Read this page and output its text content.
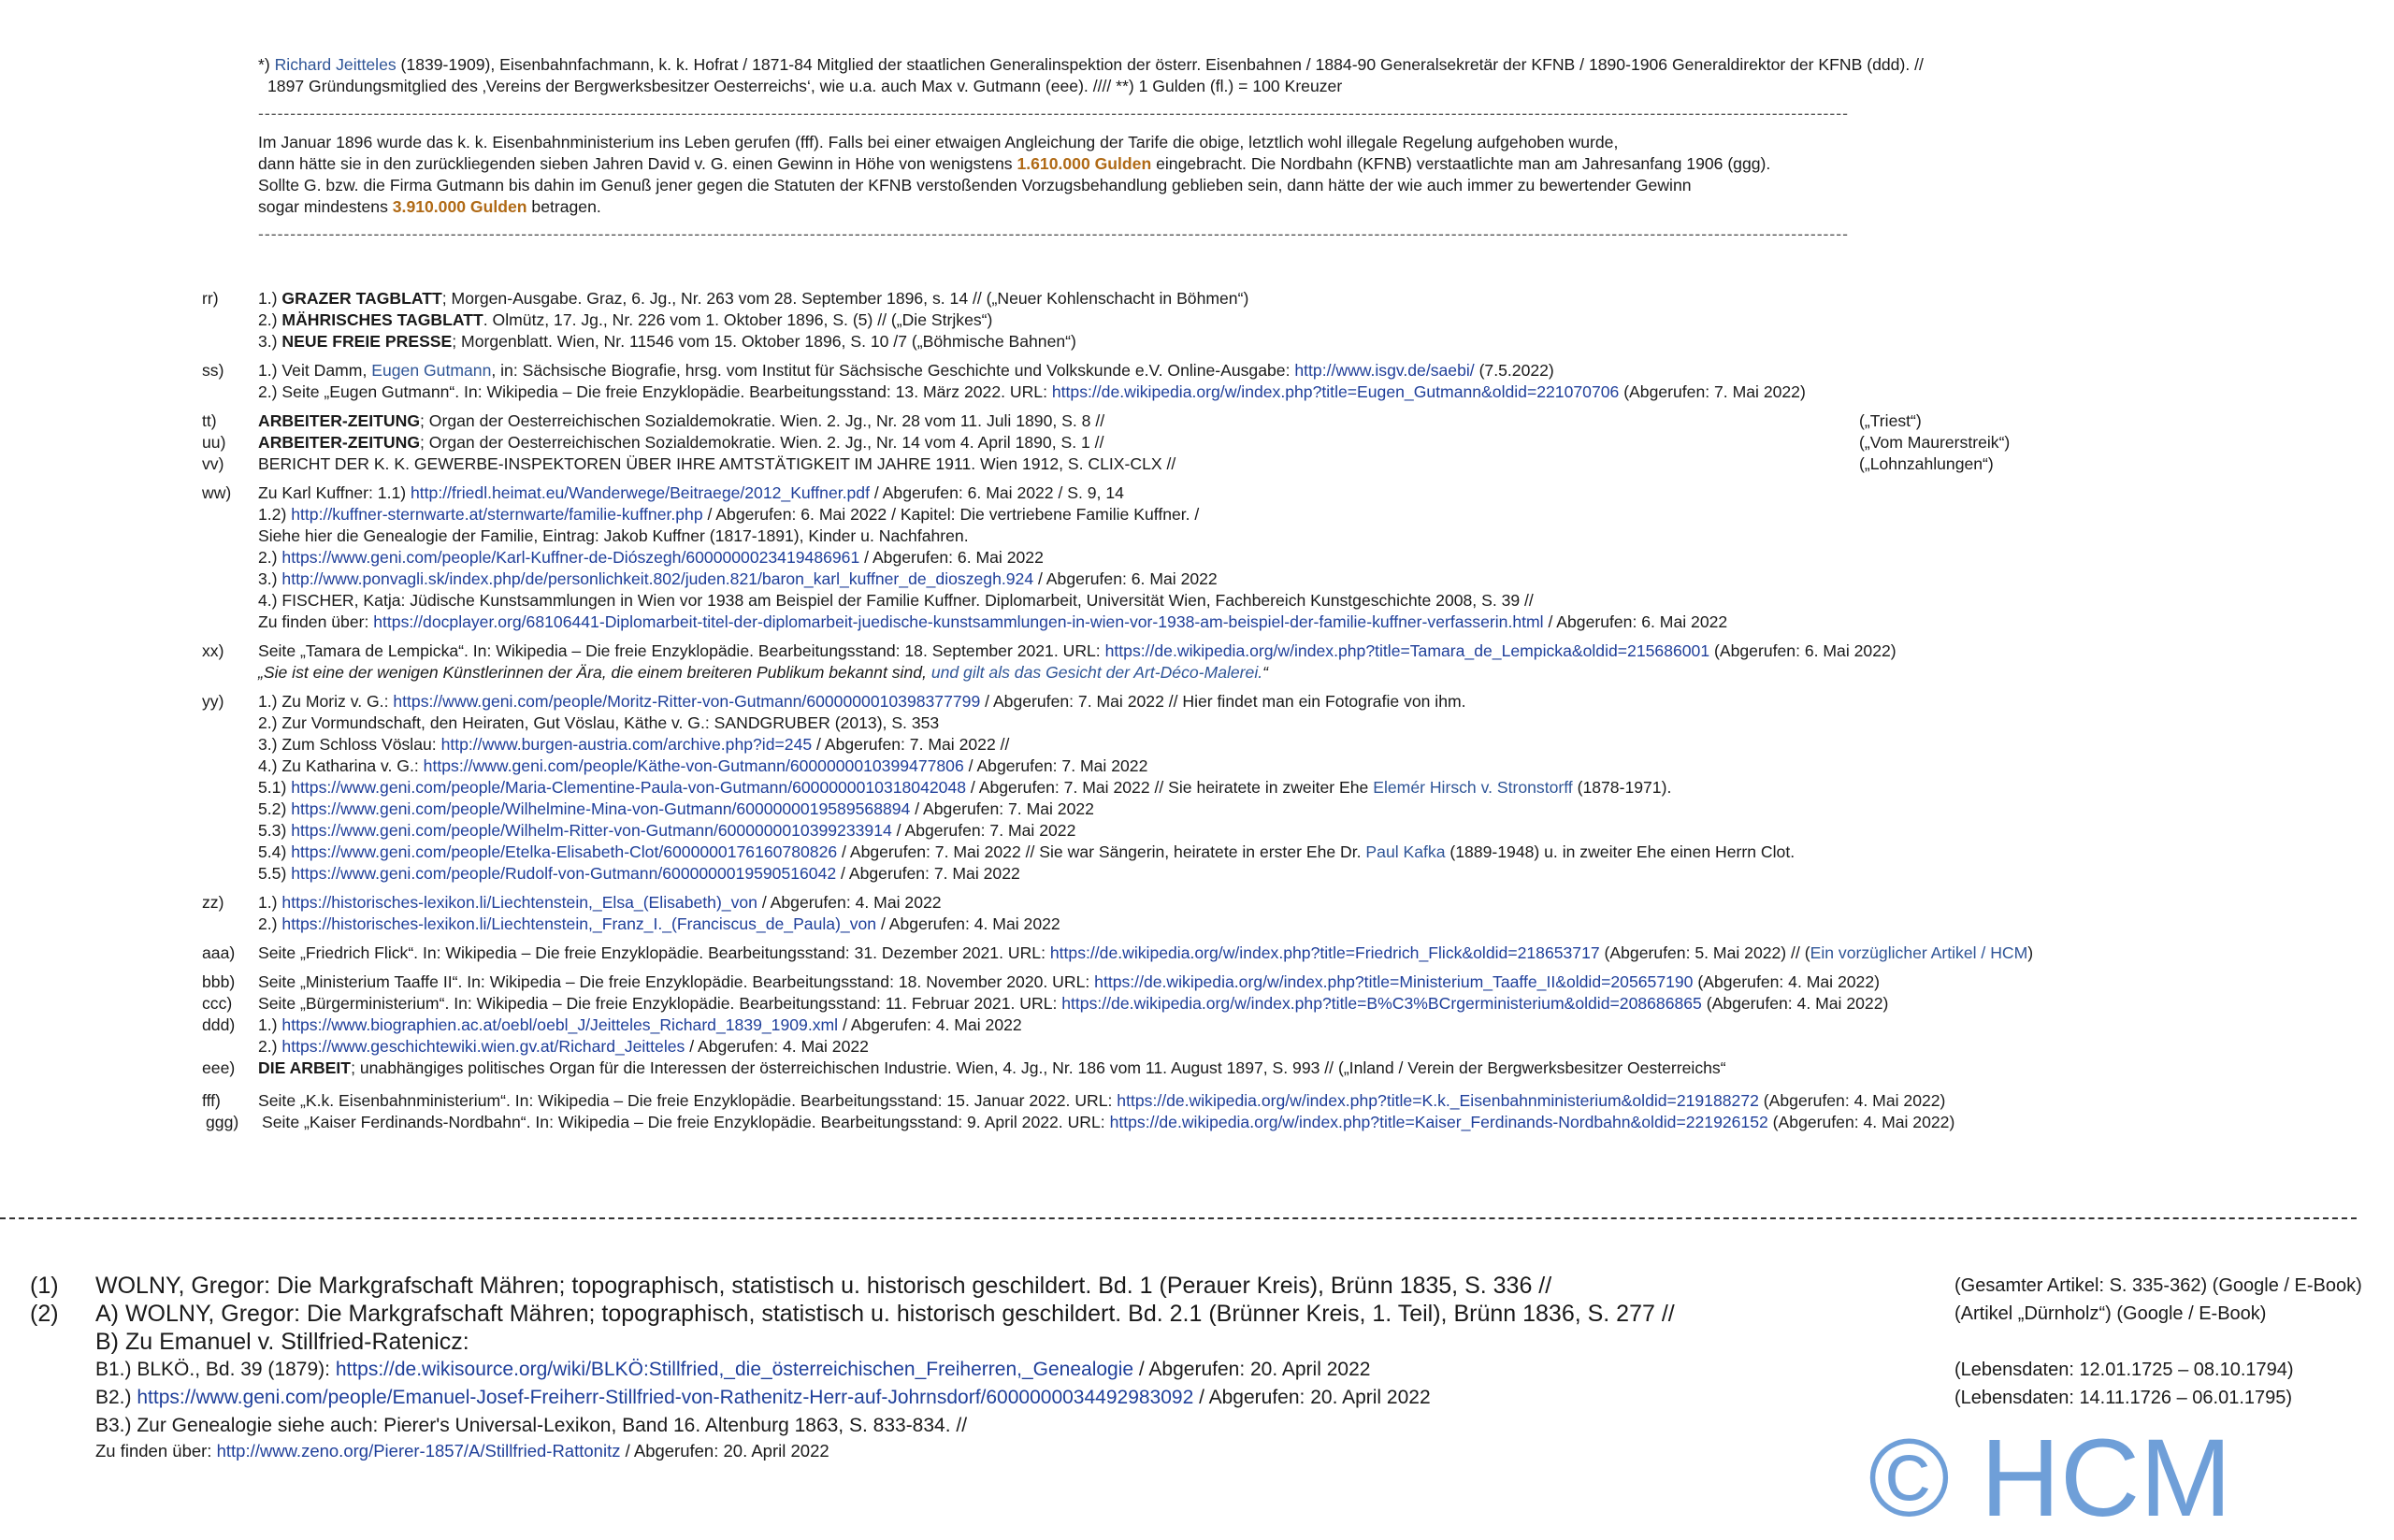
*) Richard Jeitteles (1839-1909), Eisenbahnfachmann, k. k. Hofrat / 1871-84 Mitglied der staatlichen Generalinspektion der österr. Eisenbahnen / 1884-90 Generalsekretär der KFNB / 1890-1906 Generaldirektor der KFNB (ddd). //
1897 Gründungsmitglied des ‚Vereins der Bergwerksbesitzer Oesterreichs‘, wie u.a. auch Max v. Gutmann (eee). //// **) 1 Gulden (fl.) = 100 Kreuzer
--------------------------------------------------------------------------------------------------------------------------------------------------------------------------------------------------------------------------------------------------------
Im Januar 1896 wurde das k. k. Eisenbahnministerium ins Leben gerufen (fff). Falls bei einer etwaigen Angleichung der Tarife die obige, letztlich wohl illegale Regelung aufgehoben wurde,
dann hätte sie in den zurückliegenden sieben Jahren David v. G. einen Gewinn in Höhe von wenigstens 1.610.000 Gulden eingebracht. Die Nordbahn (KFNB) verstaatlichte man am Jahresanfang 1906 (ggg).
Sollte G. bzw. die Firma Gutmann bis dahin im Genuß jener gegen die Statuten der KFNB verstoßenden Vorzugsbehandlung geblieben sein, dann hätte der wie auch immer zu bewertender Gewinn
sogar mindestens 3.910.000 Gulden betragen.
--------------------------------------------------------------------------------------------------------------------------------------------------------------------------------------------------------------------------------------------------------
rr) 1.) GRAZER TAGBLATT; Morgen-Ausgabe. Graz, 6. Jg., Nr. 263 vom 28. September 1896, s. 14 // („Neuer Kohlenschacht in Böhmen“)
2.) MÄHRISCHES TAGBLATT. Olmütz, 17. Jg., Nr. 226 vom 1. Oktober 1896, S. (5) // („Die Strjkes“)
3.) NEUE FREIE PRESSE; Morgenblatt. Wien, Nr. 11546 vom 15. Oktober 1896, S. 10 /7 („Böhmische Bahnen“)
ss) 1.) Veit Damm, Eugen Gutmann, in: Sächsische Biografie, hrsg. vom Institut für Sächsische Geschichte und Volkskunde e.V. Online-Ausgabe: http://www.isgv.de/saebi/ (7.5.2022)
2.) Seite „Eugen Gutmann“. In: Wikipedia – Die freie Enzyklopädie. Bearbeitungsstand: 13. März 2022. URL: https://de.wikipedia.org/w/index.php?title=Eugen_Gutmann&oldid=221070706 (Abgerufen: 7. Mai 2022)
tt)	ARBEITER-ZEITUNG; Organ der Oesterreichischen Sozialdemokratie. Wien. 2. Jg., Nr. 28 vom 11. Juli 1890, S. 8 //	(„Triest“)
uu) ARBEITER-ZEITUNG; Organ der Oesterreichischen Sozialdemokratie. Wien. 2. Jg., Nr. 14 vom 4. April 1890, S. 1 //	(„Vom Maurerstreik“)
vv) BERICHT DER K. K. GEWERBE-INSPEKTOREN ÜBER IHRE AMTSTÄTIGKEIT IM JAHRE 1911. Wien 1912, S. CLIX-CLX //	(„Lohnzahlungen“)
ww) Zu Karl Kuffner: 1.1) http://friedl.heimat.eu/Wanderwege/Beitraege/2012_Kuffner.pdf / Abgerufen: 6. Mai 2022 / S. 9, 14
1.2) http://kuffner-sternwarte.at/sternwarte/familie-kuffner.php / Abgerufen: 6. Mai 2022 / Kapitel: Die vertriebene Familie Kuffner. /
Siehe hier die Genealogie der Familie, Eintrag: Jakob Kuffner (1817-1891), Kinder u. Nachfahren.
2.) https://www.geni.com/people/Karl-Kuffner-de-Diószegh/6000000023419486961 / Abgerufen: 6. Mai 2022
3.) http://www.ponvagli.sk/index.php/de/personlichkeit.802/juden.821/baron_karl_kuffner_de_dioszegh.924 / Abgerufen: 6. Mai 2022
4.) FISCHER, Katja: Jüdische Kunstsammlungen in Wien vor 1938 am Beispiel der Familie Kuffner. Diplomarbeit, Universität Wien, Fachbereich Kunstgeschichte 2008, S. 39 //
Zu finden über: https://docplayer.org/68106441-Diplomarbeit-titel-der-diplomarbeit-juedische-kunstsammlungen-in-wien-vor-1938-am-beispiel-der-familie-kuffner-verfasserin.html / Abgerufen: 6. Mai 2022
xx) Seite „Tamara de Lempicka“. In: Wikipedia – Die freie Enzyklopädie. Bearbeitungsstand: 18. September 2021. URL: https://de.wikipedia.org/w/index.php?title=Tamara_de_Lempicka&oldid=215686001 (Abgerufen: 6. Mai 2022)
„Sie ist eine der wenigen Künstlerinnen der Ära, die einem breiteren Publikum bekannt sind, und gilt als das Gesicht der Art-Déco-Malerei.“
yy) 1.) Zu Moriz v. G.: https://www.geni.com/people/Moritz-Ritter-von-Gutmann/6000000010398377799 / Abgerufen: 7. Mai 2022 // Hier findet man ein Fotografie von ihm.
2.) Zur Vormundschaft, den Heiraten, Gut Vöslau, Käthe v. G.: SANDGRUBER (2013), S. 353
3.) Zum Schloss Vöslau: http://www.burgen-austria.com/archive.php?id=245 / Abgerufen: 7. Mai 2022 //
4.) Zu Katharina v. G.: https://www.geni.com/people/Käthe-von-Gutmann/6000000010399477806 / Abgerufen: 7. Mai 2022
5.1) https://www.geni.com/people/Maria-Clementine-Paula-von-Gutmann/6000000010318042048 / Abgerufen: 7. Mai 2022 // Sie heiratete in zweiter Ehe Elemér Hirsch v. Stronstorff (1878-1971).
5.2) https://www.geni.com/people/Wilhelmine-Mina-von-Gutmann/6000000019589568894 / Abgerufen: 7. Mai 2022
5.3) https://www.geni.com/people/Wilhelm-Ritter-von-Gutmann/6000000010399233914 / Abgerufen: 7. Mai 2022
5.4) https://www.geni.com/people/Etelka-Elisabeth-Clot/6000000176160780826 / Abgerufen: 7. Mai 2022 // Sie war Sängerin, heiratete in erster Ehe Dr. Paul Kafka (1889-1948) u. in zweiter Ehe einen Herrn Clot.
5.5) https://www.geni.com/people/Rudolf-von-Gutmann/6000000019590516042 / Abgerufen: 7. Mai 2022
zz) 1.) https://historisches-lexikon.li/Liechtenstein,_Elsa_(Elisabeth)_von / Abgerufen: 4. Mai 2022
2.) https://historisches-lexikon.li/Liechtenstein,_Franz_I._(Franciscus_de_Paula)_von / Abgerufen: 4. Mai 2022
aaa) Seite „Friedrich Flick“. In: Wikipedia – Die freie Enzyklopädie. Bearbeitungsstand: 31. Dezember 2021. URL: https://de.wikipedia.org/w/index.php?title=Friedrich_Flick&oldid=218653717 (Abgerufen: 5. Mai 2022) // (Ein vorzüglicher Artikel / HCM)
bbb) Seite „Ministerium Taaffe II“. In: Wikipedia – Die freie Enzyklopädie. Bearbeitungsstand: 18. November 2020. URL: https://de.wikipedia.org/w/index.php?title=Ministerium_Taaffe_II&oldid=205657190 (Abgerufen: 4. Mai 2022)
ccc) Seite „Bürgerministerium“. In: Wikipedia – Die freie Enzyklopädie. Bearbeitungsstand: 11. Februar 2021. URL: https://de.wikipedia.org/w/index.php?title=B%C3%BCrgerministerium&oldid=208686865 (Abgerufen: 4. Mai 2022)
ddd) 1.) https://www.biographien.ac.at/oebl/oebl_J/Jeitteles_Richard_1839_1909.xml / Abgerufen: 4. Mai 2022
2.) https://www.geschichtewiki.wien.gv.at/Richard_Jeitteles / Abgerufen: 4. Mai 2022
eee) DIE ARBEIT; unabhängiges politisches Organ für die Interessen der österreichischen Industrie. Wien, 4. Jg., Nr. 186 vom 11. August 1897, S. 993 // („Inland / Verein der Bergwerksbesitzer Oesterreichs“
fff) Seite „K.k. Eisenbahnministerium“. In: Wikipedia – Die freie Enzyklopädie. Bearbeitungsstand: 15. Januar 2022. URL: https://de.wikipedia.org/w/index.php?title=K.k._Eisenbahnministerium&oldid=219188272 (Abgerufen: 4. Mai 2022)
ggg) Seite „Kaiser Ferdinands-Nordbahn“. In: Wikipedia – Die freie Enzyklopädie. Bearbeitungsstand: 9. April 2022. URL: https://de.wikipedia.org/w/index.php?title=Kaiser_Ferdinands-Nordbahn&oldid=221926152 (Abgerufen: 4. Mai 2022)
(1) WOLNY, Gregor: Die Markgrafschaft Mähren; topographisch, statistisch u. historisch geschildert. Bd. 1 (Perauer Kreis), Brünn 1835, S. 336 //	(Gesamter Artikel: S. 335-362) (Google / E-Book)
(2) A) WOLNY, Gregor: Die Markgrafschaft Mähren; topographisch, statistisch u. historisch geschildert. Bd. 2.1 (Brünner Kreis, 1. Teil), Brünn 1836, S. 277 //	(Artikel „Dürnholz“) (Google / E-Book)
B) Zu Emanuel v. Stillfried-Ratenicz:
B1.) BLKÖ., Bd. 39 (1879): https://de.wikisource.org/wiki/BLKÖ:Stillfried,_die_österreichischen_Freiherren,_Genealogie / Abgerufen: 20. April 2022	(Lebensdaten: 12.01.1725 – 08.10.1794)
B2.) https://www.geni.com/people/Emanuel-Josef-Freiherr-Stillfried-von-Rathenitz-Herr-auf-Johrnsdorf/6000000034492983092 / Abgerufen: 20. April 2022	(Lebensdaten: 14.11.1726 – 06.01.1795)
B3.) Zur Genealogie siehe auch: Pierer's Universal-Lexikon, Band 16. Altenburg 1863, S. 833-834. //
Zu finden über: http://www.zeno.org/Pierer-1857/A/Stillfried-Rattonitz / Abgerufen: 20. April 2022	© HCM
